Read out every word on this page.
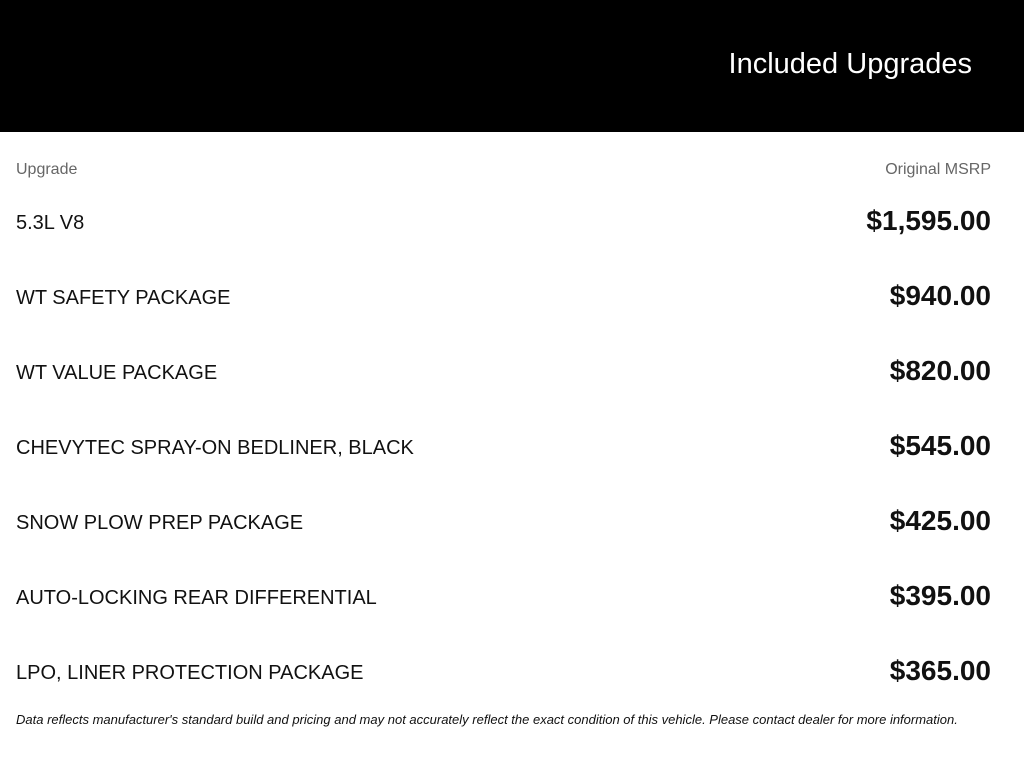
Included Upgrades
Upgrade	Original MSRP
5.3L V8	$1,595.00
WT SAFETY PACKAGE	$940.00
WT VALUE PACKAGE	$820.00
CHEVYTEC SPRAY-ON BEDLINER, BLACK	$545.00
SNOW PLOW PREP PACKAGE	$425.00
AUTO-LOCKING REAR DIFFERENTIAL	$395.00
LPO, LINER PROTECTION PACKAGE	$365.00
Data reflects manufacturer's standard build and pricing and may not accurately reflect the exact condition of this vehicle. Please contact dealer for more information.
